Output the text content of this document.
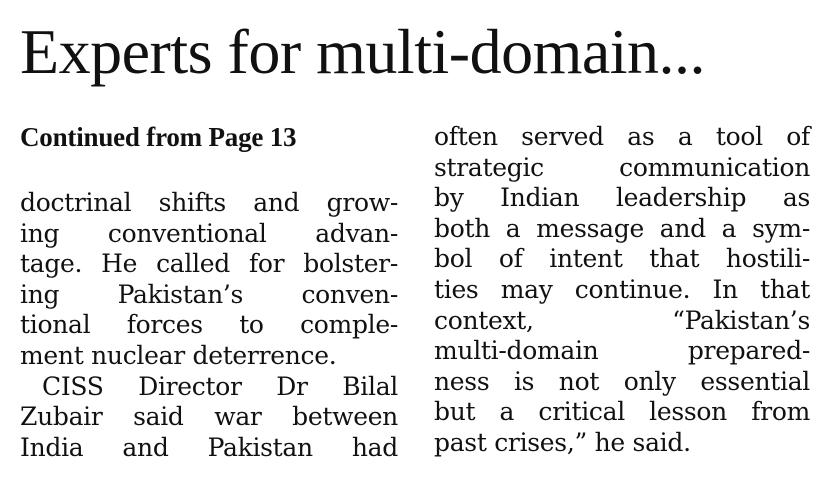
Experts for multi-domain...
Continued from Page 13
doctrinal shifts and grow-
ing conventional advan-
tage. He called for bolster-
ing Pakistan’s conven-
tional forces to comple-
ment nuclear deterrence.
CISS Director Dr Bilal
Zubair said war between
India and Pakistan had
often served as a tool of
strategic communication
by Indian leadership as
both a message and a sym-
bol of intent that hostili-
ties may continue. In that
context, “Pakistan’s
multi-domain prepared-
ness is not only essential
but a critical lesson from
past crises,” he said.
